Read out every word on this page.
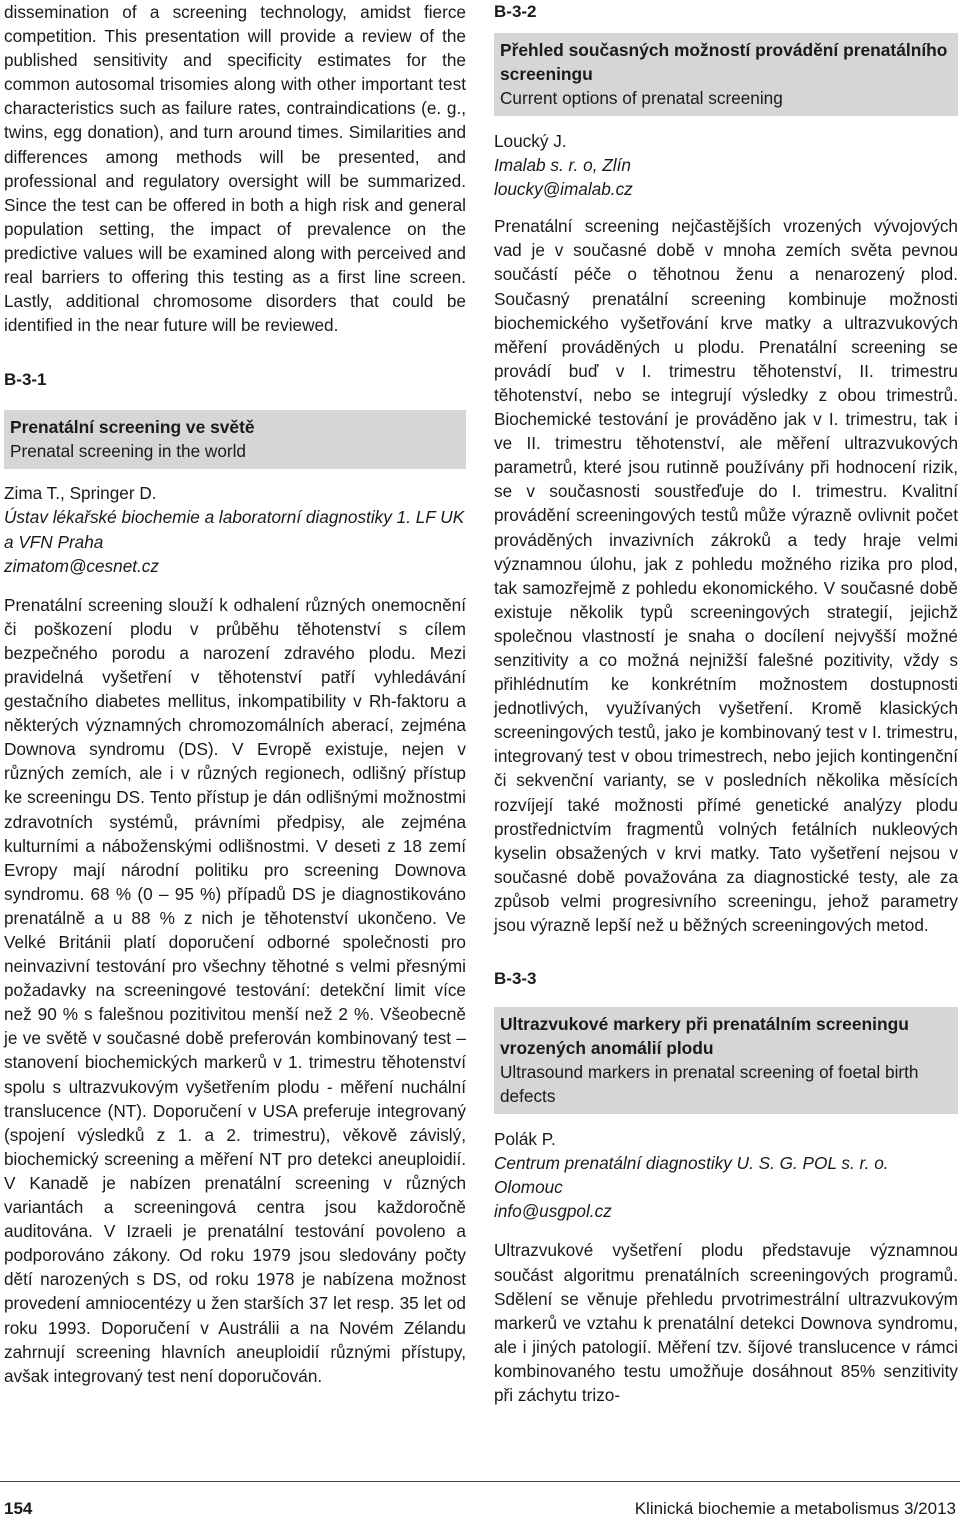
dissemination of a screening technology, amidst fierce competition. This presentation will provide a review of the published sensitivity and specificity estimates for the common autosomal trisomies along with other important test characteristics such as failure rates, contraindications (e. g., twins, egg donation), and turn around times. Similarities and differences among methods will be presented, and professional and regulatory oversight will be summarized. Since the test can be offered in both a high risk and general population setting, the impact of prevalence on the predictive values will be examined along with perceived and real barriers to offering this testing as a first line screen. Lastly, additional chromosome disorders that could be identified in the near future will be reviewed.

B-3-1
Prenatální screening ve světě
Prenatal screening in the world
Zima T., Springer D.
Ústav lékařské biochemie a laboratorní diagnostiky 1. LF UK a VFN Praha
zimatom@cesnet.cz

Prenatální screening slouží k odhalení různých onemocnění či poškození plodu v průběhu těhotenství s cílem bezpečného porodu a narození zdravého plodu. Mezi pravidelná vyšetření v těhotenství patří vyhledávání gestačního diabetes mellitus, inkompatibility v Rh-faktoru a některých významných chromozomálních aberací, zejména Downova syndromu (DS). V Evropě existuje, nejen v různých zemích, ale i v různých regionech, odlišný přístup ke screeningu DS. Tento přístup je dán odlišnými možnostmi zdravotních systémů, právními předpisy, ale zejména kulturními a náboženskými odlišnostmi. V deseti z 18 zemí Evropy mají národní politiku pro screening Downova syndromu. 68 % (0 – 95 %) případů DS je diagnostikováno prenatálně a u 88 % z nich je těhotenství ukončeno. Ve Velké Británii platí doporučení odborné společnosti pro neinvazivní testování pro všechny těhotné s velmi přesnými požadavky na screeningové testování: detekční limit více než 90 % s falešnou pozitivitou menší než 2 %. Všeobecně je ve světě v současné době preferován kombinovaný test – stanovení biochemických markerů v 1. trimestru těhotenství spolu s ultrazvukovým vyšetřením plodu - měření nuchální translucence (NT). Doporučení v USA preferuje integrovaný (spojení výsledků z 1. a 2. trimestru), věkově závislý, biochemický screening a měření NT pro detekci aneuploidií. V Kanadě je nabízen prenatální screening v různých variantách a screeningová centra jsou každoročně auditována. V Izraeli je prenatální testování povoleno a podporováno zákony. Od roku 1979 jsou sledovány počty dětí narozených s DS, od roku 1978 je nabízena možnost provedení amniocentézy u žen starších 37 let resp. 35 let od roku 1993. Doporučení v Austrálii a na Novém Zélandu zahrnují screening hlavních aneuploidií různými přístupy, avšak integrovaný test není doporučován.

B-3-2
Přehled současných možností provádění prenatálního screeningu
Current options of prenatal screening
Loucký J.
Imalab s. r. o, Zlín
loucky@imalab.cz

Prenatální screening nejčastějších vrozených vývojových vad je v současné době v mnoha zemích světa pevnou součástí péče o těhotnou ženu a nenarozený plod. Současný prenatální screening kombinuje možnosti biochemického vyšetřování krve matky a ultrazvukových měření prováděných u plodu. Prenatální screening se provádí buď v I. trimestru těhotenství, II. trimestru těhotenství, nebo se integrují výsledky z obou trimestrů. Biochemické testování je prováděno jak v I. trimestru, tak i ve II. trimestru těhotenství, ale měření ultrazvukových parametrů, které jsou rutinně používány při hodnocení rizik, se v současnosti soustřeďuje do I. trimestru. Kvalitní provádění screeningových testů může výrazně ovlivnit počet prováděných invazivních zákroků a tedy hraje velmi významnou úlohu, jak z pohledu možného rizika pro plod, tak samozřejmě z pohledu ekonomického. V současné době existuje několik typů screeningových strategií, jejichž společnou vlastností je snaha o docílení nejvyšší možné senzitivity a co možná nejnižší falešné pozitivity, vždy s přihlédnutím ke konkrétním možnostem dostupnosti jednotlivých, využívaných vyšetření. Kromě klasických screeningových testů, jako je kombinovaný test v I. trimestru, integrovaný test v obou trimestrech, nebo jejich kontingenční či sekvenční varianty, se v posledních několika měsících rozvíjejí také možnosti přímé genetické analýzy plodu prostřednictvím fragmentů volných fetálních nukleových kyselin obsažených v krvi matky. Tato vyšetření nejsou v současné době považována za diagnostické testy, ale za způsob velmi progresivního screeningu, jehož parametry jsou výrazně lepší než u běžných screeningových metod.

B-3-3
Ultrazvukové markery při prenatálním screeningu vrozených anomálií plodu
Ultrasound markers in prenatal screening of foetal birth defects
Polák P.
Centrum prenatální diagnostiky U. S. G. POL s. r. o. Olomouc
info@usgpol.cz

Ultrazvukové vyšetření plodu představuje významnou součást algoritmu prenatálních screeningových programů. Sdělení se věnuje přehledu prvotrimestrální ultrazvukovým markerů ve vztahu k prenatální detekci Downova syndromu, ale i jiných patologií. Měření tzv. šíjové translucence v rámci kombinovaného testu umožňuje dosáhnout 85% senzitivity při záchytu trizo-

154	Klinická biochemie a metabolismus 3/2013
